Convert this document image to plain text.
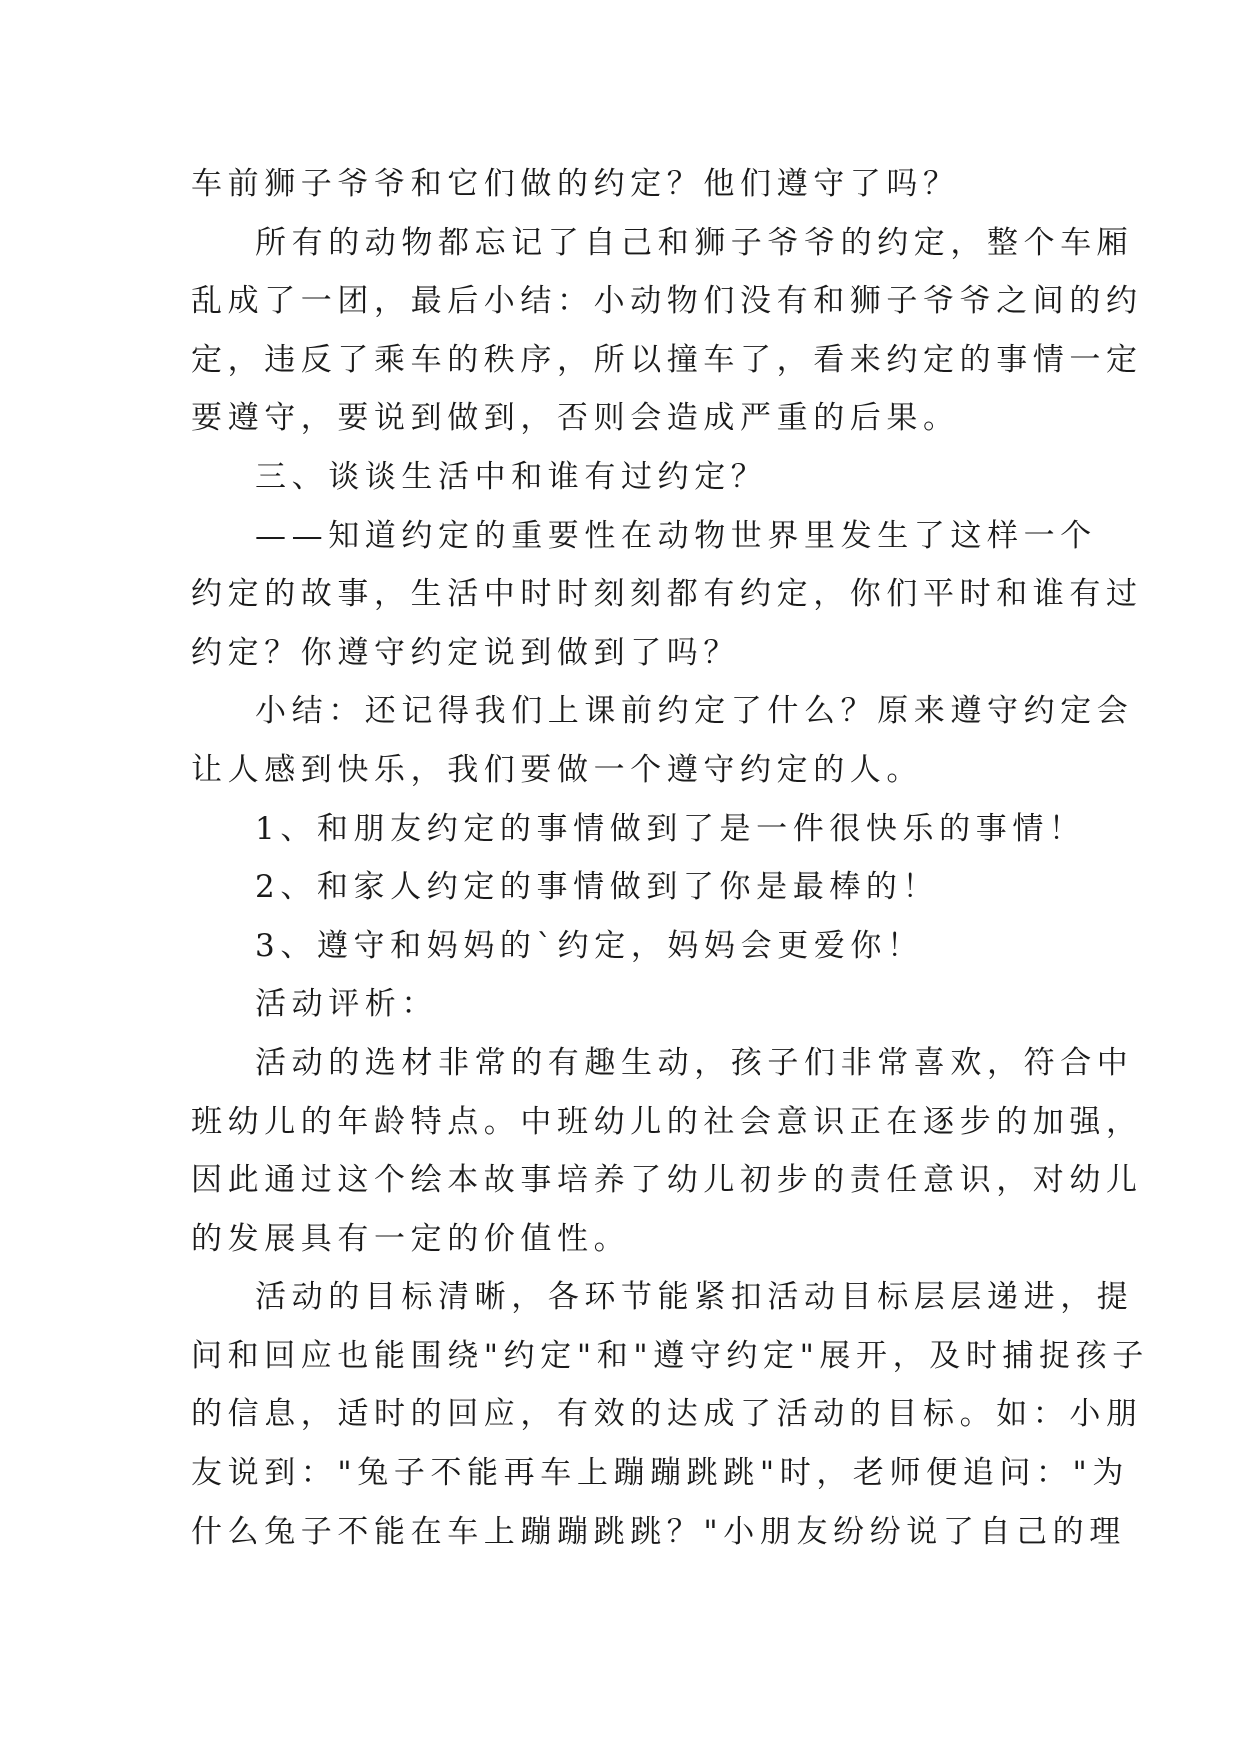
车前狮子爷爷和它们做的约定？他们遵守了吗？
所有的动物都忘记了自己和狮子爷爷的约定，整个车厢
乱成了一团，最后小结：小动物们没有和狮子爷爷之间的约
定，违反了乘车的秩序，所以撞车了，看来约定的事情一定
要遵守，要说到做到，否则会造成严重的后果。
三、谈谈生活中和谁有过约定？
——知道约定的重要性在动物世界里发生了这样一个
约定的故事，生活中时时刻刻都有约定，你们平时和谁有过
约定？你遵守约定说到做到了吗？
小结：还记得我们上课前约定了什么？原来遵守约定会
让人感到快乐，我们要做一个遵守约定的人。
1、和朋友约定的事情做到了是一件很快乐的事情！
2、和家人约定的事情做到了你是最棒的！
3、遵守和妈妈的`约定，妈妈会更爱你！
活动评析：
活动的选材非常的有趣生动，孩子们非常喜欢，符合中
班幼儿的年龄特点。中班幼儿的社会意识正在逐步的加强，
因此通过这个绘本故事培养了幼儿初步的责任意识，对幼儿
的发展具有一定的价值性。
活动的目标清晰，各环节能紧扣活动目标层层递进，提
问和回应也能围绕"约定"和"遵守约定"展开，及时捕捉孩子
的信息，适时的回应，有效的达成了活动的目标。如：小朋
友说到："兔子不能再车上蹦蹦跳跳"时，老师便追问："为
什么兔子不能在车上蹦蹦跳跳？"小朋友纷纷说了自己的理
